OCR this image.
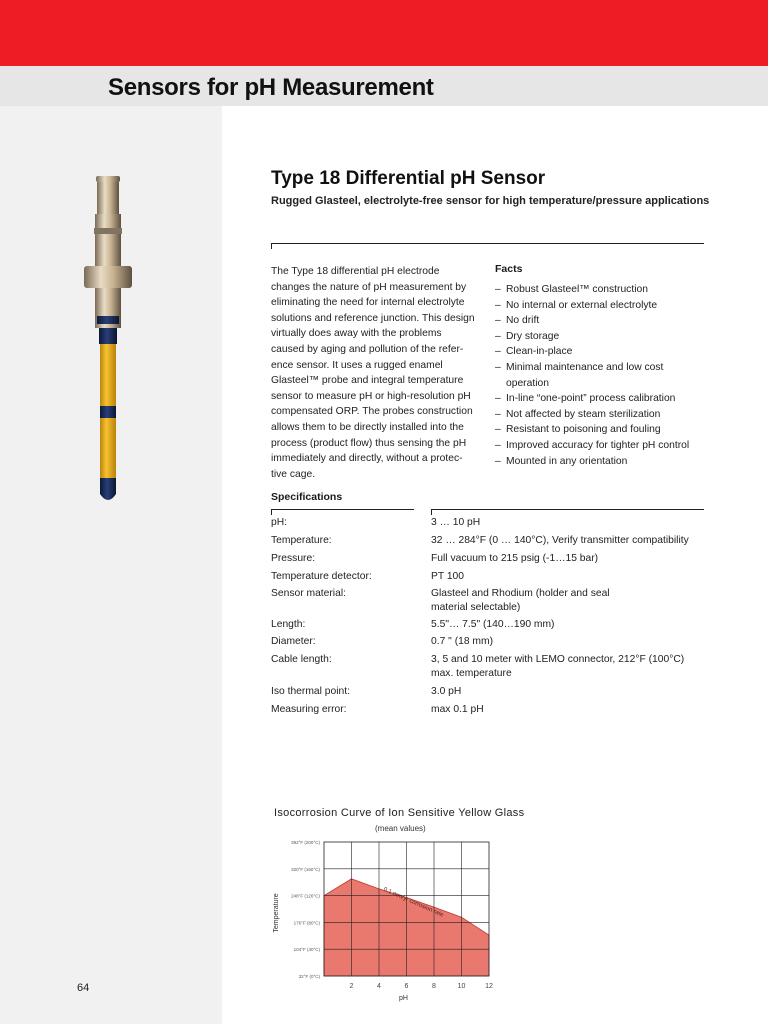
Sensors for pH Measurement
Type 18 Differential pH Sensor
Rugged Glasteel, electrolyte-free sensor for high temperature/pressure applications
The Type 18 differential pH electrode
changes the nature of pH measurement by
eliminating the need for internal electrolyte
solutions and reference junction. This design
virtually does away with the problems
caused by aging and pollution of the refer-
ence sensor. It uses a rugged enamel
Glasteel™ probe and integral temperature
sensor to measure pH or high-resolution pH
compensated ORP. The probes construction
allows them to be directly installed into the
process (product flow) thus sensing the pH
immediately and directly, without a protec-
tive cage.
Facts
– Robust Glasteel™ construction
– No internal or external electrolyte
– No drift
– Dry storage
– Clean-in-place
– Minimal maintenance and low cost operation
– In-line “one-point” process calibration
– Not affected by steam sterilization
– Resistant to poisoning and fouling
– Improved accuracy for tighter pH control
– Mounted in any orientation
Specifications
pH:	3 … 10 pH
Temperature:	32 … 284°F (0 … 140°C), Verify transmitter compatibility
Pressure:	Full vacuum to 215 psig (-1…15 bar)
Temperature detector:	PT 100
Sensor material:	Glasteel and Rhodium (holder and seal material selectable)
Length:	5.5"… 7.5" (140…190 mm)
Diameter:	0.7 " (18 mm)
Cable length:	3, 5 and 10 meter with LEMO connector, 212°F (100°C) max. temperature
Iso thermal point:	3.0 pH
Measuring error:	max 0.1 pH
Isocorrosion Curve of Ion Sensitive Yellow Glass
(mean values)
32°F (0°C)
104°F (40°C)
176°F (80°C)
248°F (120°C)
320°F (160°C)
392°F (200°C)
2	4	6	8	10	12
0.1 mm/yr corrosion rate
pH
Temperature
64
